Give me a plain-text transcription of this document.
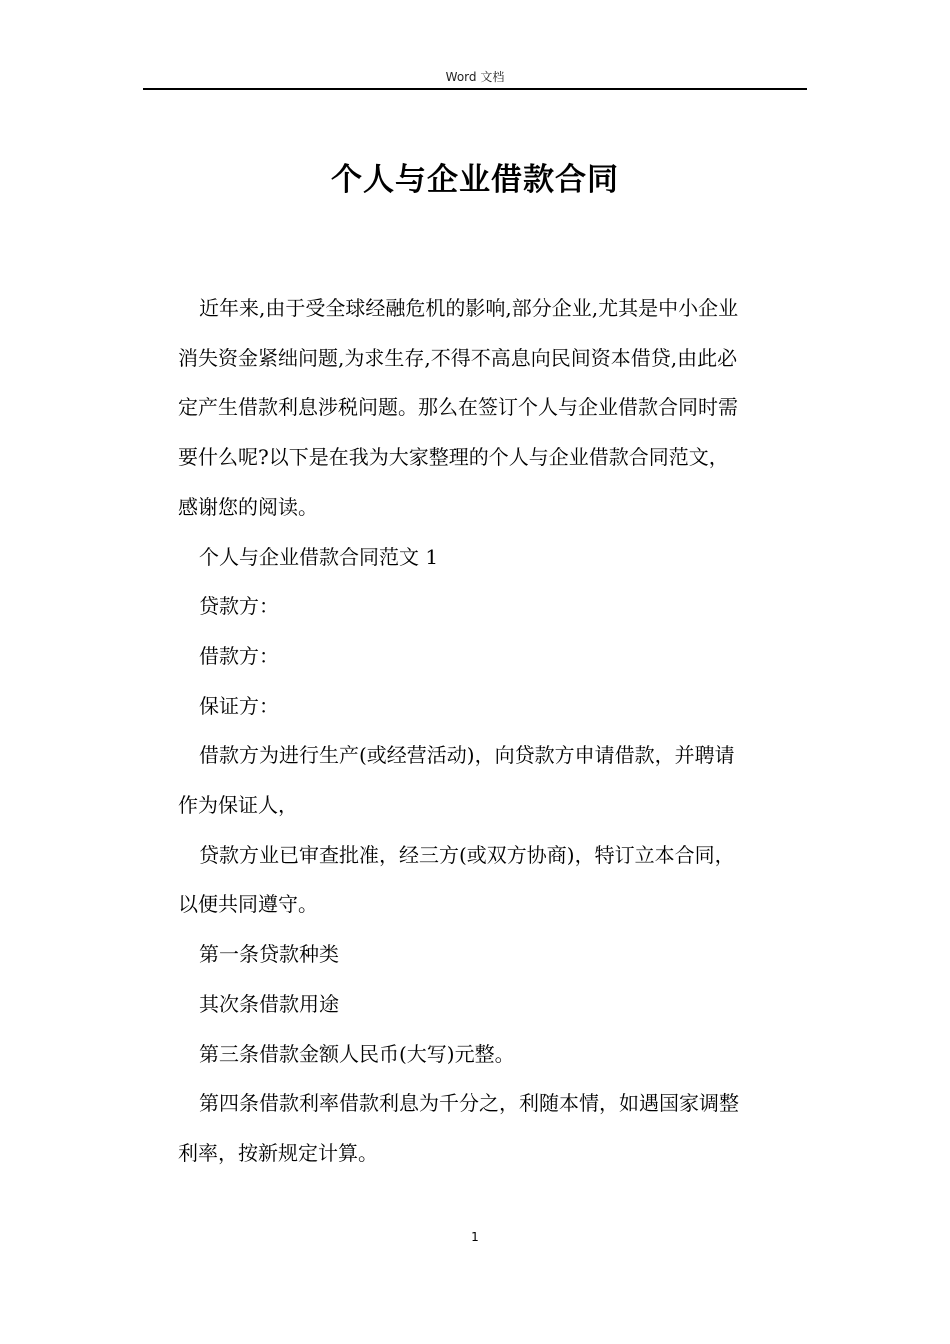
Word 文档
个人与企业借款合同

近年来,由于受全球经融危机的影响,部分企业,尤其是中小企业
消失资金紧绌问题,为求生存,不得不高息向民间资本借贷,由此必
定产生借款利息涉税问题。那么在签订个人与企业借款合同时需
要什么呢?以下是在我为大家整理的个人与企业借款合同范文，
感谢您的阅读。

个人与企业借款合同范文 1

贷款方：

借款方：

保证方：

借款方为进行生产(或经营活动)，向贷款方申请借款，并聘请
作为保证人，

贷款方业已审查批准，经三方(或双方协商)，特订立本合同，
以便共同遵守。

第一条贷款种类

其次条借款用途

第三条借款金额人民币(大写)元整。

第四条借款利率借款利息为千分之，利随本情，如遇国家调整
利率，按新规定计算。

1
